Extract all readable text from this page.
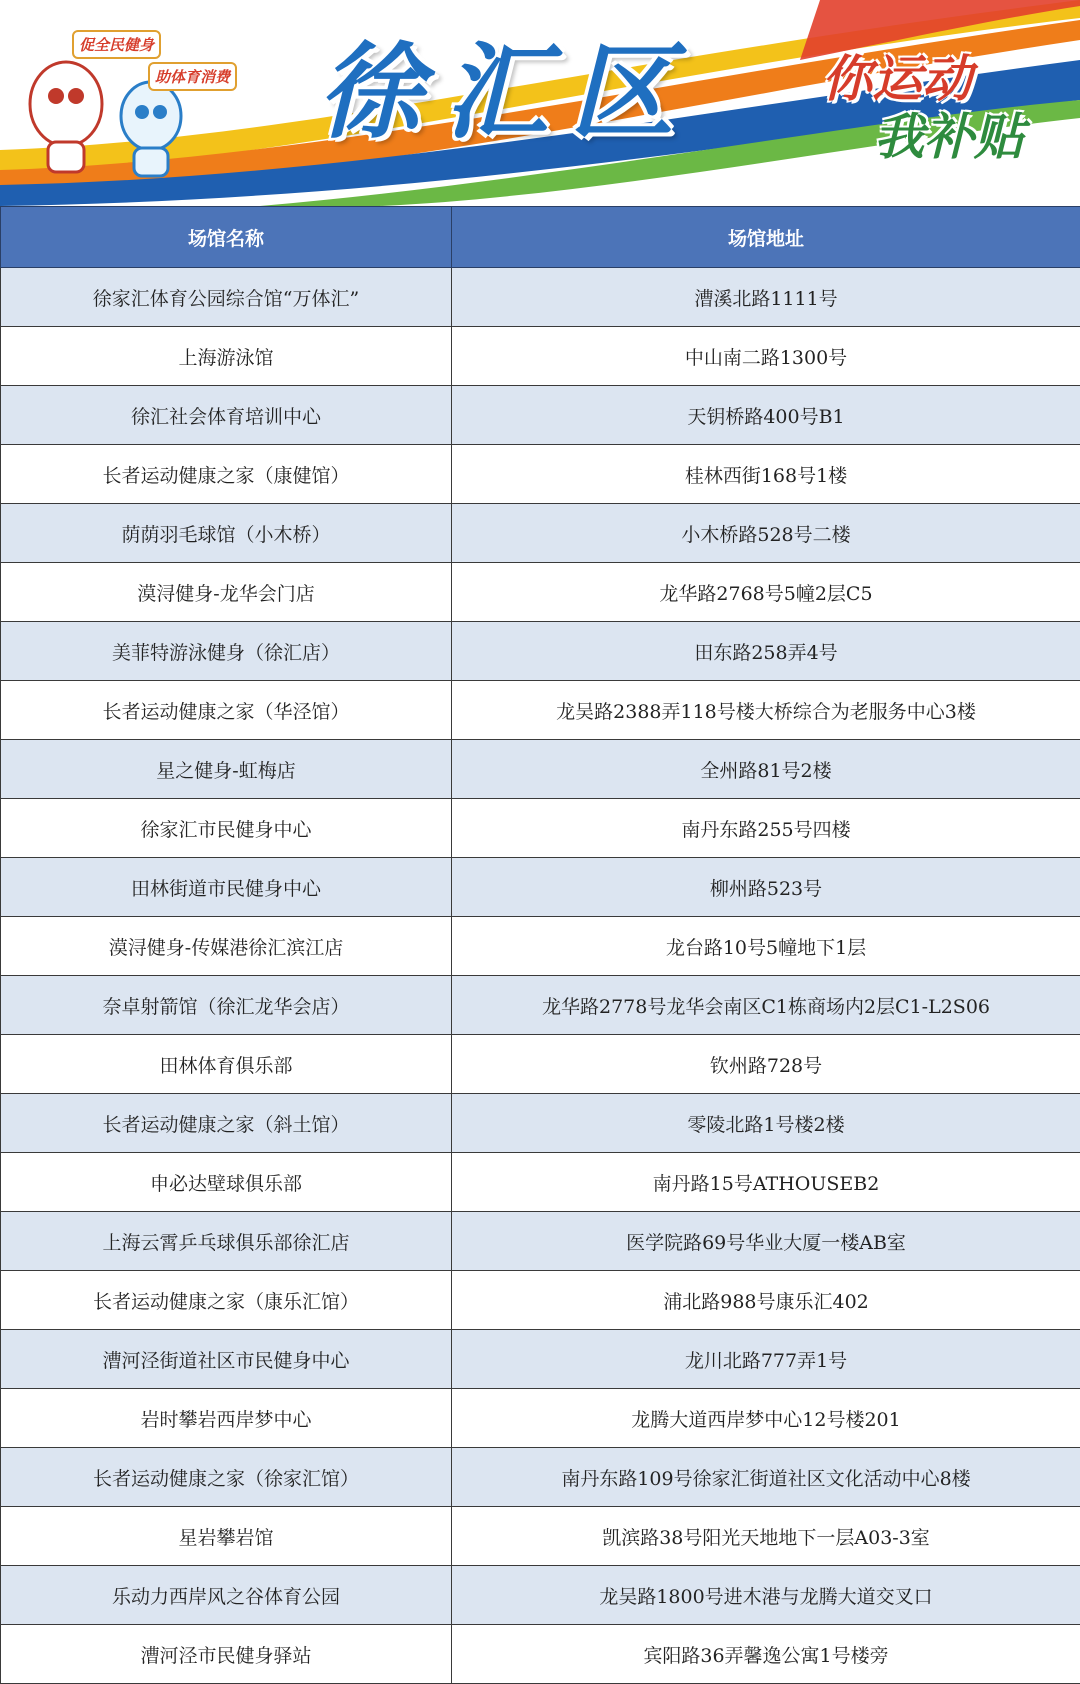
促全民健身
助体育消费 徐汇区	你运动
我补贴
场馆名称	场馆地址
徐家汇体育公园综合馆“万体汇”	漕溪北路1111号
上海游泳馆	中山南二路1300号
徐汇社会体育培训中心	天钥桥路400号B1
长者运动健康之家（康健馆）	桂林西街168号1楼
荫荫羽毛球馆（小木桥）	小木桥路528号二楼
漠浔健身-龙华会门店	龙华路2768号5幢2层C5
美菲特游泳健身（徐汇店）	田东路258弄4号
长者运动健康之家（华泾馆）	龙吴路2388弄118号楼大桥综合为老服务中心3楼
星之健身-虹梅店	全州路81号2楼
徐家汇市民健身中心	南丹东路255号四楼
田林街道市民健身中心	柳州路523号
漠浔健身-传媒港徐汇滨江店	龙台路10号5幢地下1层
奈卓射箭馆（徐汇龙华会店）	龙华路2778号龙华会南区C1栋商场内2层C1-L2S06
田林体育俱乐部	钦州路728号
长者运动健康之家（斜土馆）	零陵北路1号楼2楼
申必达壁球俱乐部	南丹路15号ATHOUSEB2
上海云霄乒乓球俱乐部徐汇店	医学院路69号华业大厦一楼AB室
长者运动健康之家（康乐汇馆）	浦北路988号康乐汇402
漕河泾街道社区市民健身中心	龙川北路777弄1号
岩时攀岩西岸梦中心	龙腾大道西岸梦中心12号楼201
长者运动健康之家（徐家汇馆）	南丹东路109号徐家汇街道社区文化活动中心8楼
星岩攀岩馆	凯滨路38号阳光天地地下一层A03-3室
乐动力西岸风之谷体育公园	龙吴路1800号进木港与龙腾大道交叉口
漕河泾市民健身驿站	宾阳路36弄馨逸公寓1号楼旁
